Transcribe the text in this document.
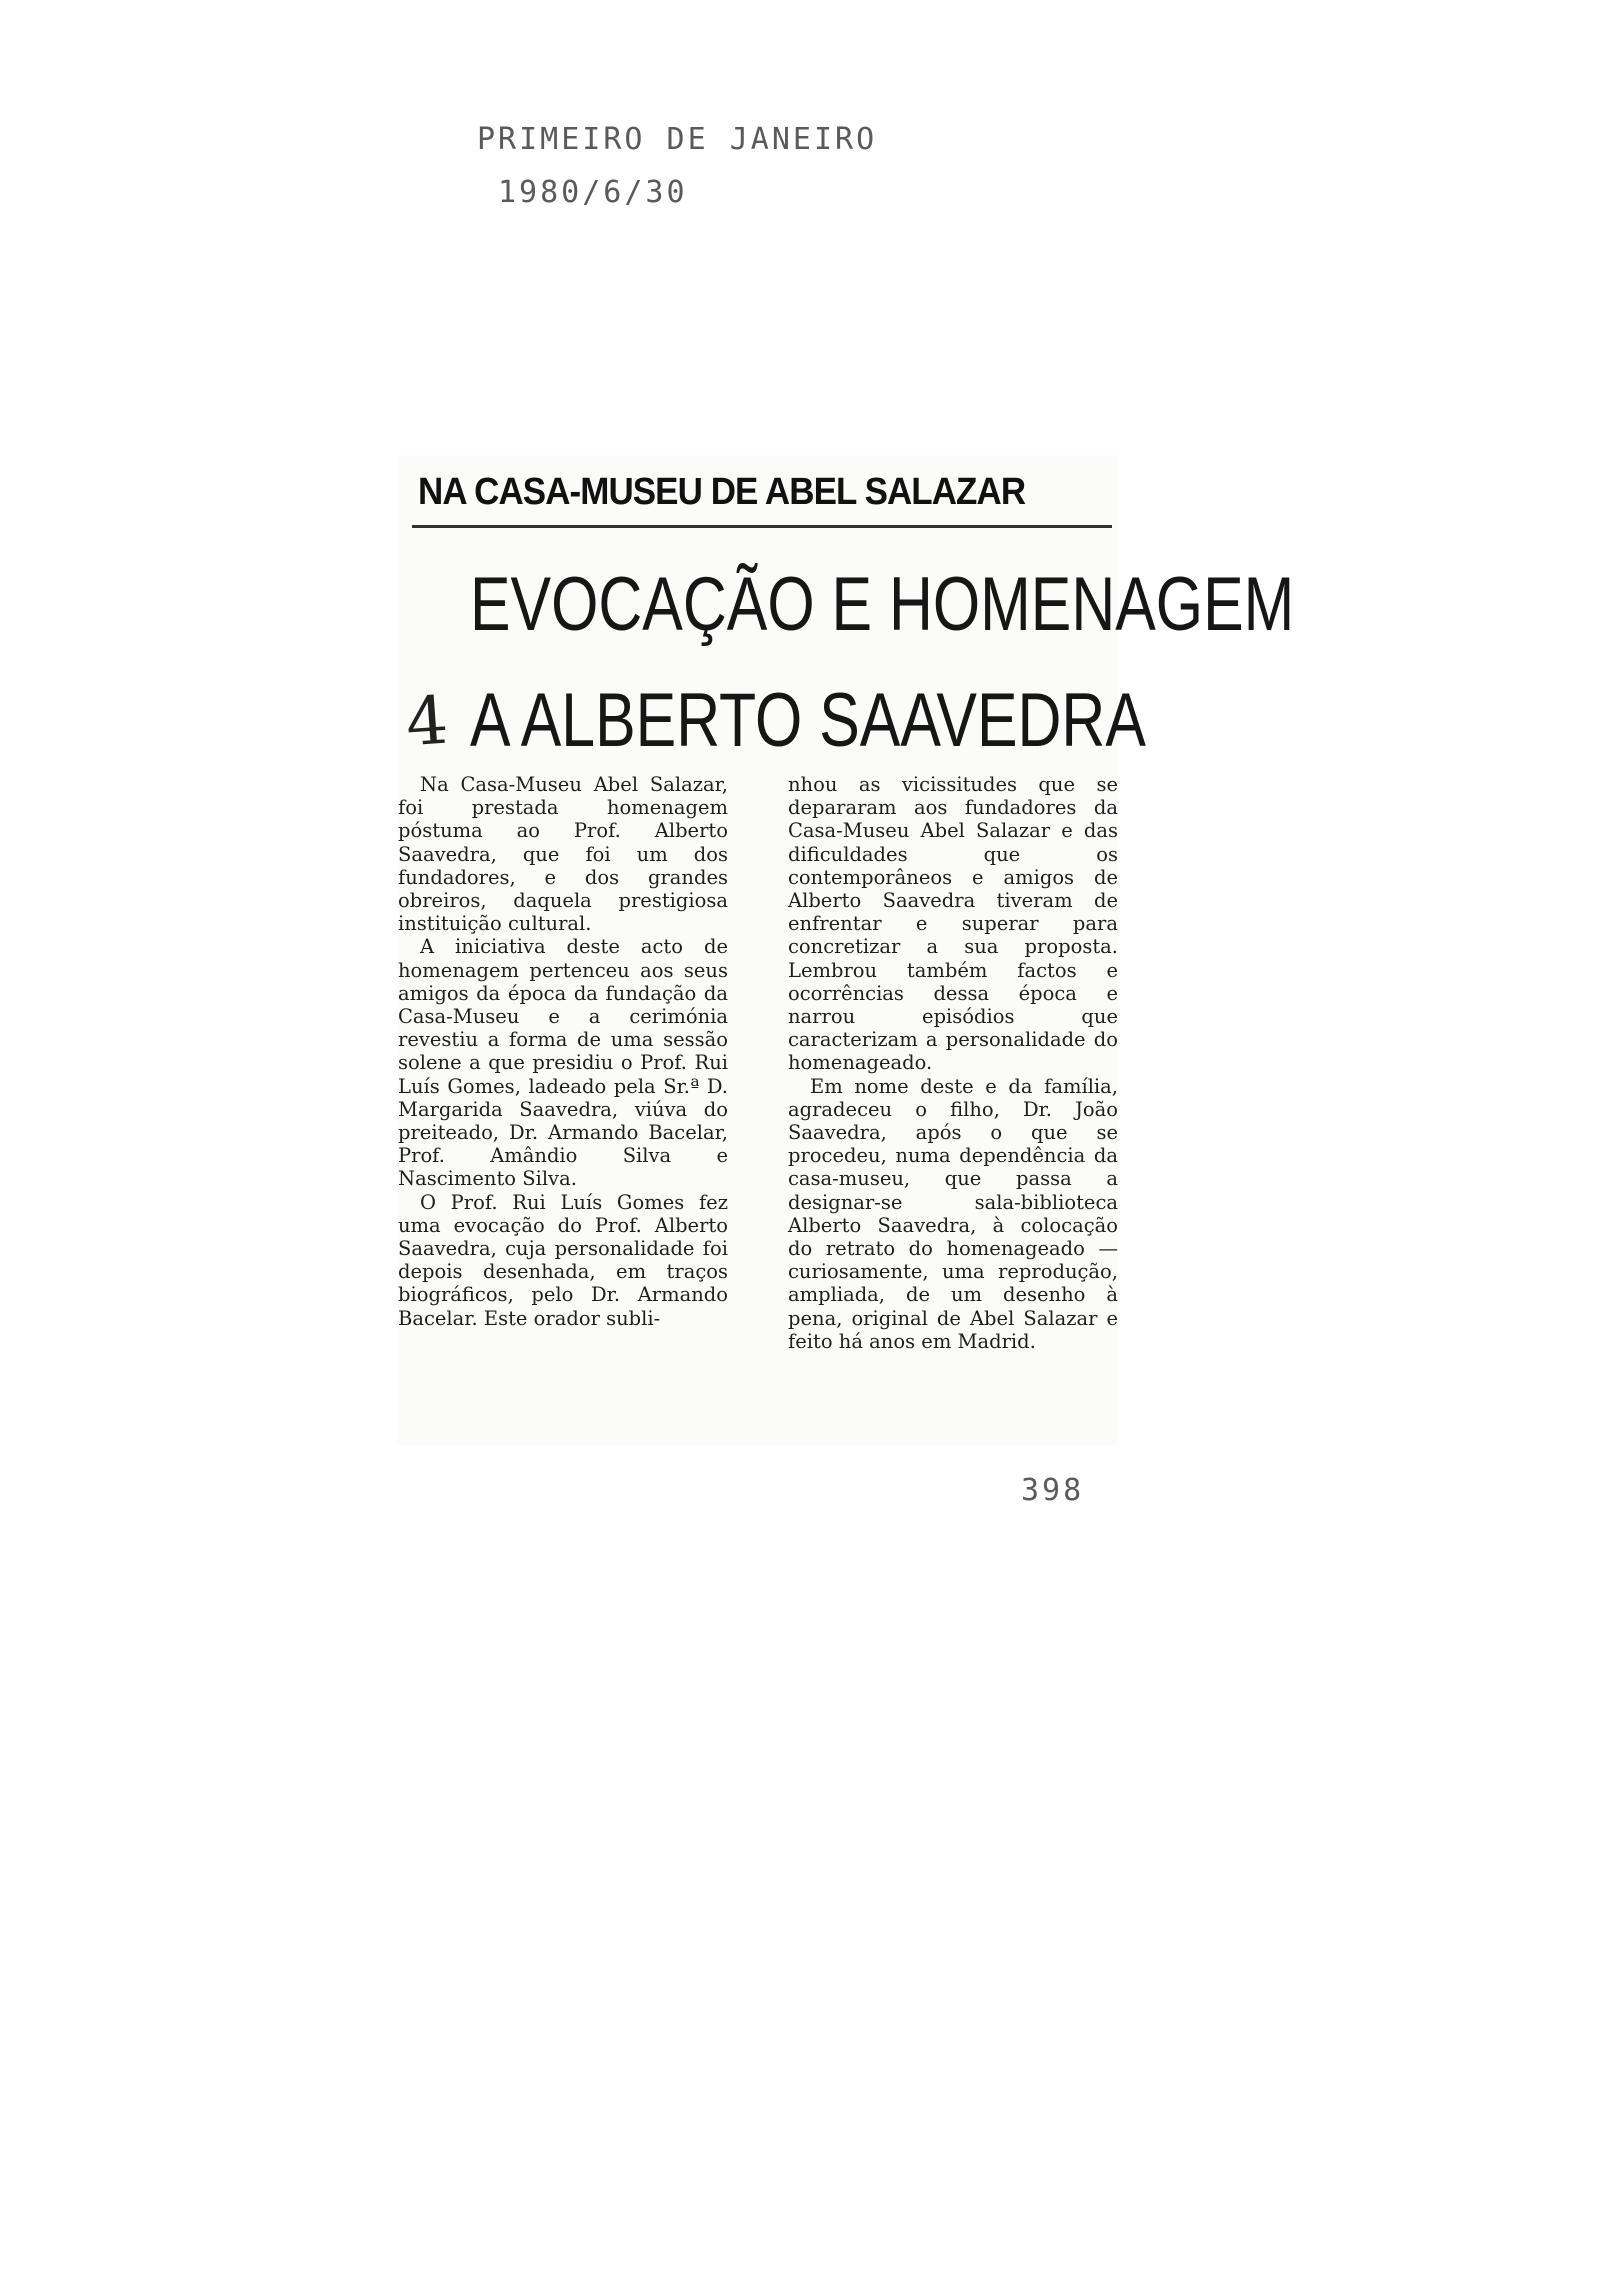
PRIMEIRO DE JANEIRO
1980/6/30
NA CASA-MUSEU DE ABEL SALAZAR
EVOCAÇÃO E HOMENAGEM
4 A ALBERTO SAAVEDRA

Na Casa-Museu Abel Salazar, foi prestada homenagem póstuma ao Prof. Alberto Saavedra, que foi um dos fundadores, e dos grandes obreiros, daquela prestigiosa instituição cultural.

A iniciativa deste acto de homenagem pertenceu aos seus amigos da época da fundação da Casa-Museu e a cerimónia revestiu a forma de uma sessão solene a que presidiu o Prof. Rui Luís Gomes, ladeado pela Sr.ª D. Margarida Saavedra, viúva do preiteado, Dr. Armando Bacelar, Prof. Amândio Silva e Nascimento Silva.

O Prof. Rui Luís Gomes fez uma evocação do Prof. Alberto Saavedra, cuja personalidade foi depois desenhada, em traços biográficos, pelo Dr. Armando Bacelar. Este orador subli-

nhou as vicissitudes que se depararam aos fundadores da Casa-Museu Abel Salazar e das dificuldades que os contemporâneos e amigos de Alberto Saavedra tiveram de enfrentar e superar para concretizar a sua proposta. Lembrou também factos e ocorrências dessa época e narrou episódios que caracterizam a personalidade do homenageado.

Em nome deste e da família, agradeceu o filho, Dr. João Saavedra, após o que se procedeu, numa dependência da casa-museu, que passa a designar-se sala-biblioteca Alberto Saavedra, à colocação do retrato do homenageado — curiosamente, uma reprodução, ampliada, de um desenho à pena, original de Abel Salazar e feito há anos em Madrid.

398
